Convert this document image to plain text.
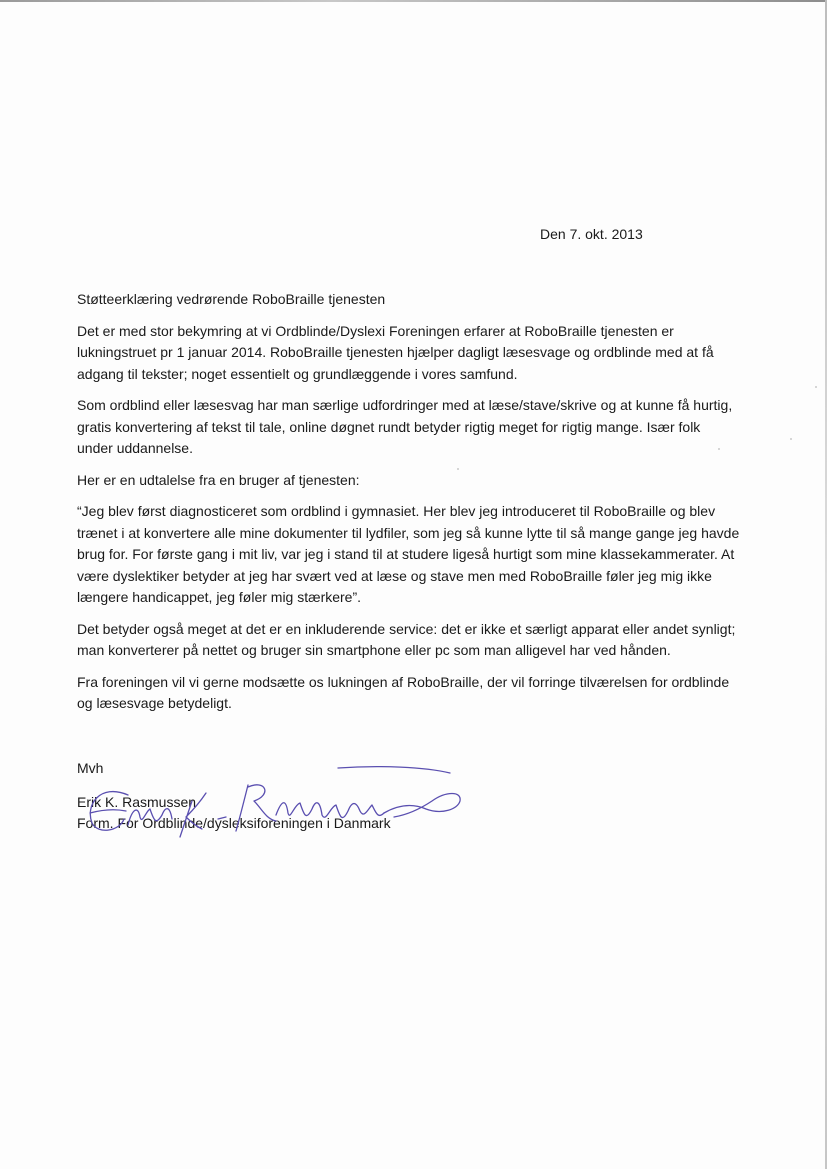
Den 7. okt. 2013

Støtteerklæring vedrørende RoboBraille tjenesten

Det er med stor bekymring at vi Ordblinde/Dyslexi Foreningen erfarer at RoboBraille tjenesten er
lukningstruet pr 1 januar 2014. RoboBraille tjenesten hjælper dagligt læsesvage og ordblinde med at få
adgang til tekster; noget essentielt og grundlæggende i vores samfund.

Som ordblind eller læsesvag har man særlige udfordringer med at læse/stave/skrive og at kunne få hurtig,
gratis konvertering af tekst til tale, online døgnet rundt betyder rigtig meget for rigtig mange. Især folk
under uddannelse.

Her er en udtalelse fra en bruger af tjenesten:

“Jeg blev først diagnosticeret som ordblind i gymnasiet. Her blev jeg introduceret til RoboBraille og blev
trænet i at konvertere alle mine dokumenter til lydfiler, som jeg så kunne lytte til så mange gange jeg havde
brug for. For første gang i mit liv, var jeg i stand til at studere ligeså hurtigt som mine klassekammerater. At
være dyslektiker betyder at jeg har svært ved at læse og stave men med RoboBraille føler jeg mig ikke
længere handicappet, jeg føler mig stærkere”.

Det betyder også meget at det er en inkluderende service: det er ikke et særligt apparat eller andet synligt;
man konverterer på nettet og bruger sin smartphone eller pc som man alligevel har ved hånden.

Fra foreningen vil vi gerne modsætte os lukningen af RoboBraille, der vil forringe tilværelsen for ordblinde
og læsesvage betydeligt.

Mvh
Erik K. Rasmussen
Form. For Ordblinde/dysleksiforeningen i Danmark
